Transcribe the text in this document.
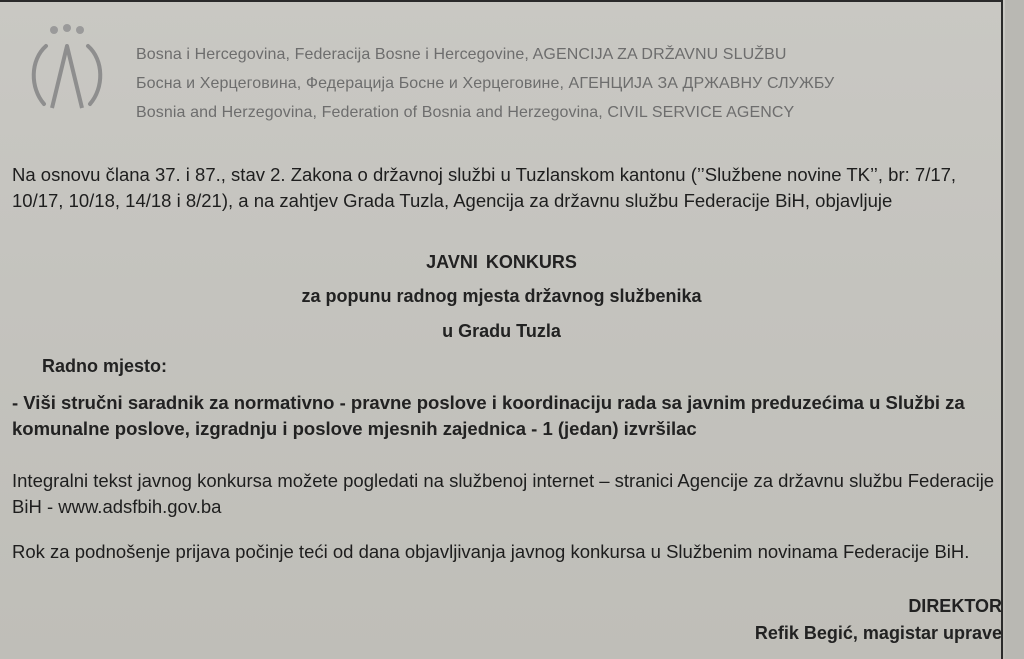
Bosna i Hercegovina, Federacija Bosne i Hercegovine, AGENCIJA ZA DRŽAVNU SLUŽBU
Босна и Херцеговина, Федерација Босне и Херцеговине, АГЕНЦИЈА ЗА ДРЖАВНУ СЛУЖБУ
Bosnia and Herzegovina, Federation of Bosnia and Herzegovina, CIVIL SERVICE AGENCY
Na osnovu člana 37. i 87., stav 2. Zakona o državnoj službi u Tuzlanskom kantonu (’’Službene novine TK’’, br: 7/17, 10/17, 10/18, 14/18 i 8/21), a na zahtjev Grada Tuzla, Agencija za državnu službu Federacije BiH, objavljuje
JAVNI KONKURS
za popunu radnog mjesta državnog službenika
u Gradu Tuzla
Radno mjesto:
- Viši stručni saradnik za normativno - pravne poslove i koordinaciju rada sa javnim preduzećima u Službi za komunalne poslove, izgradnju i poslove mjesnih zajednica - 1 (jedan) izvršilac
Integralni tekst javnog konkursa možete pogledati na službenoj internet – stranici Agencije za državnu službu Federacije BiH - www.adsfbih.gov.ba
Rok za podnošenje prijava počinje teći od dana objavljivanja javnog konkursa u Službenim novinama Federacije BiH.
DIREKTOR
Refik Begić, magistar uprave
